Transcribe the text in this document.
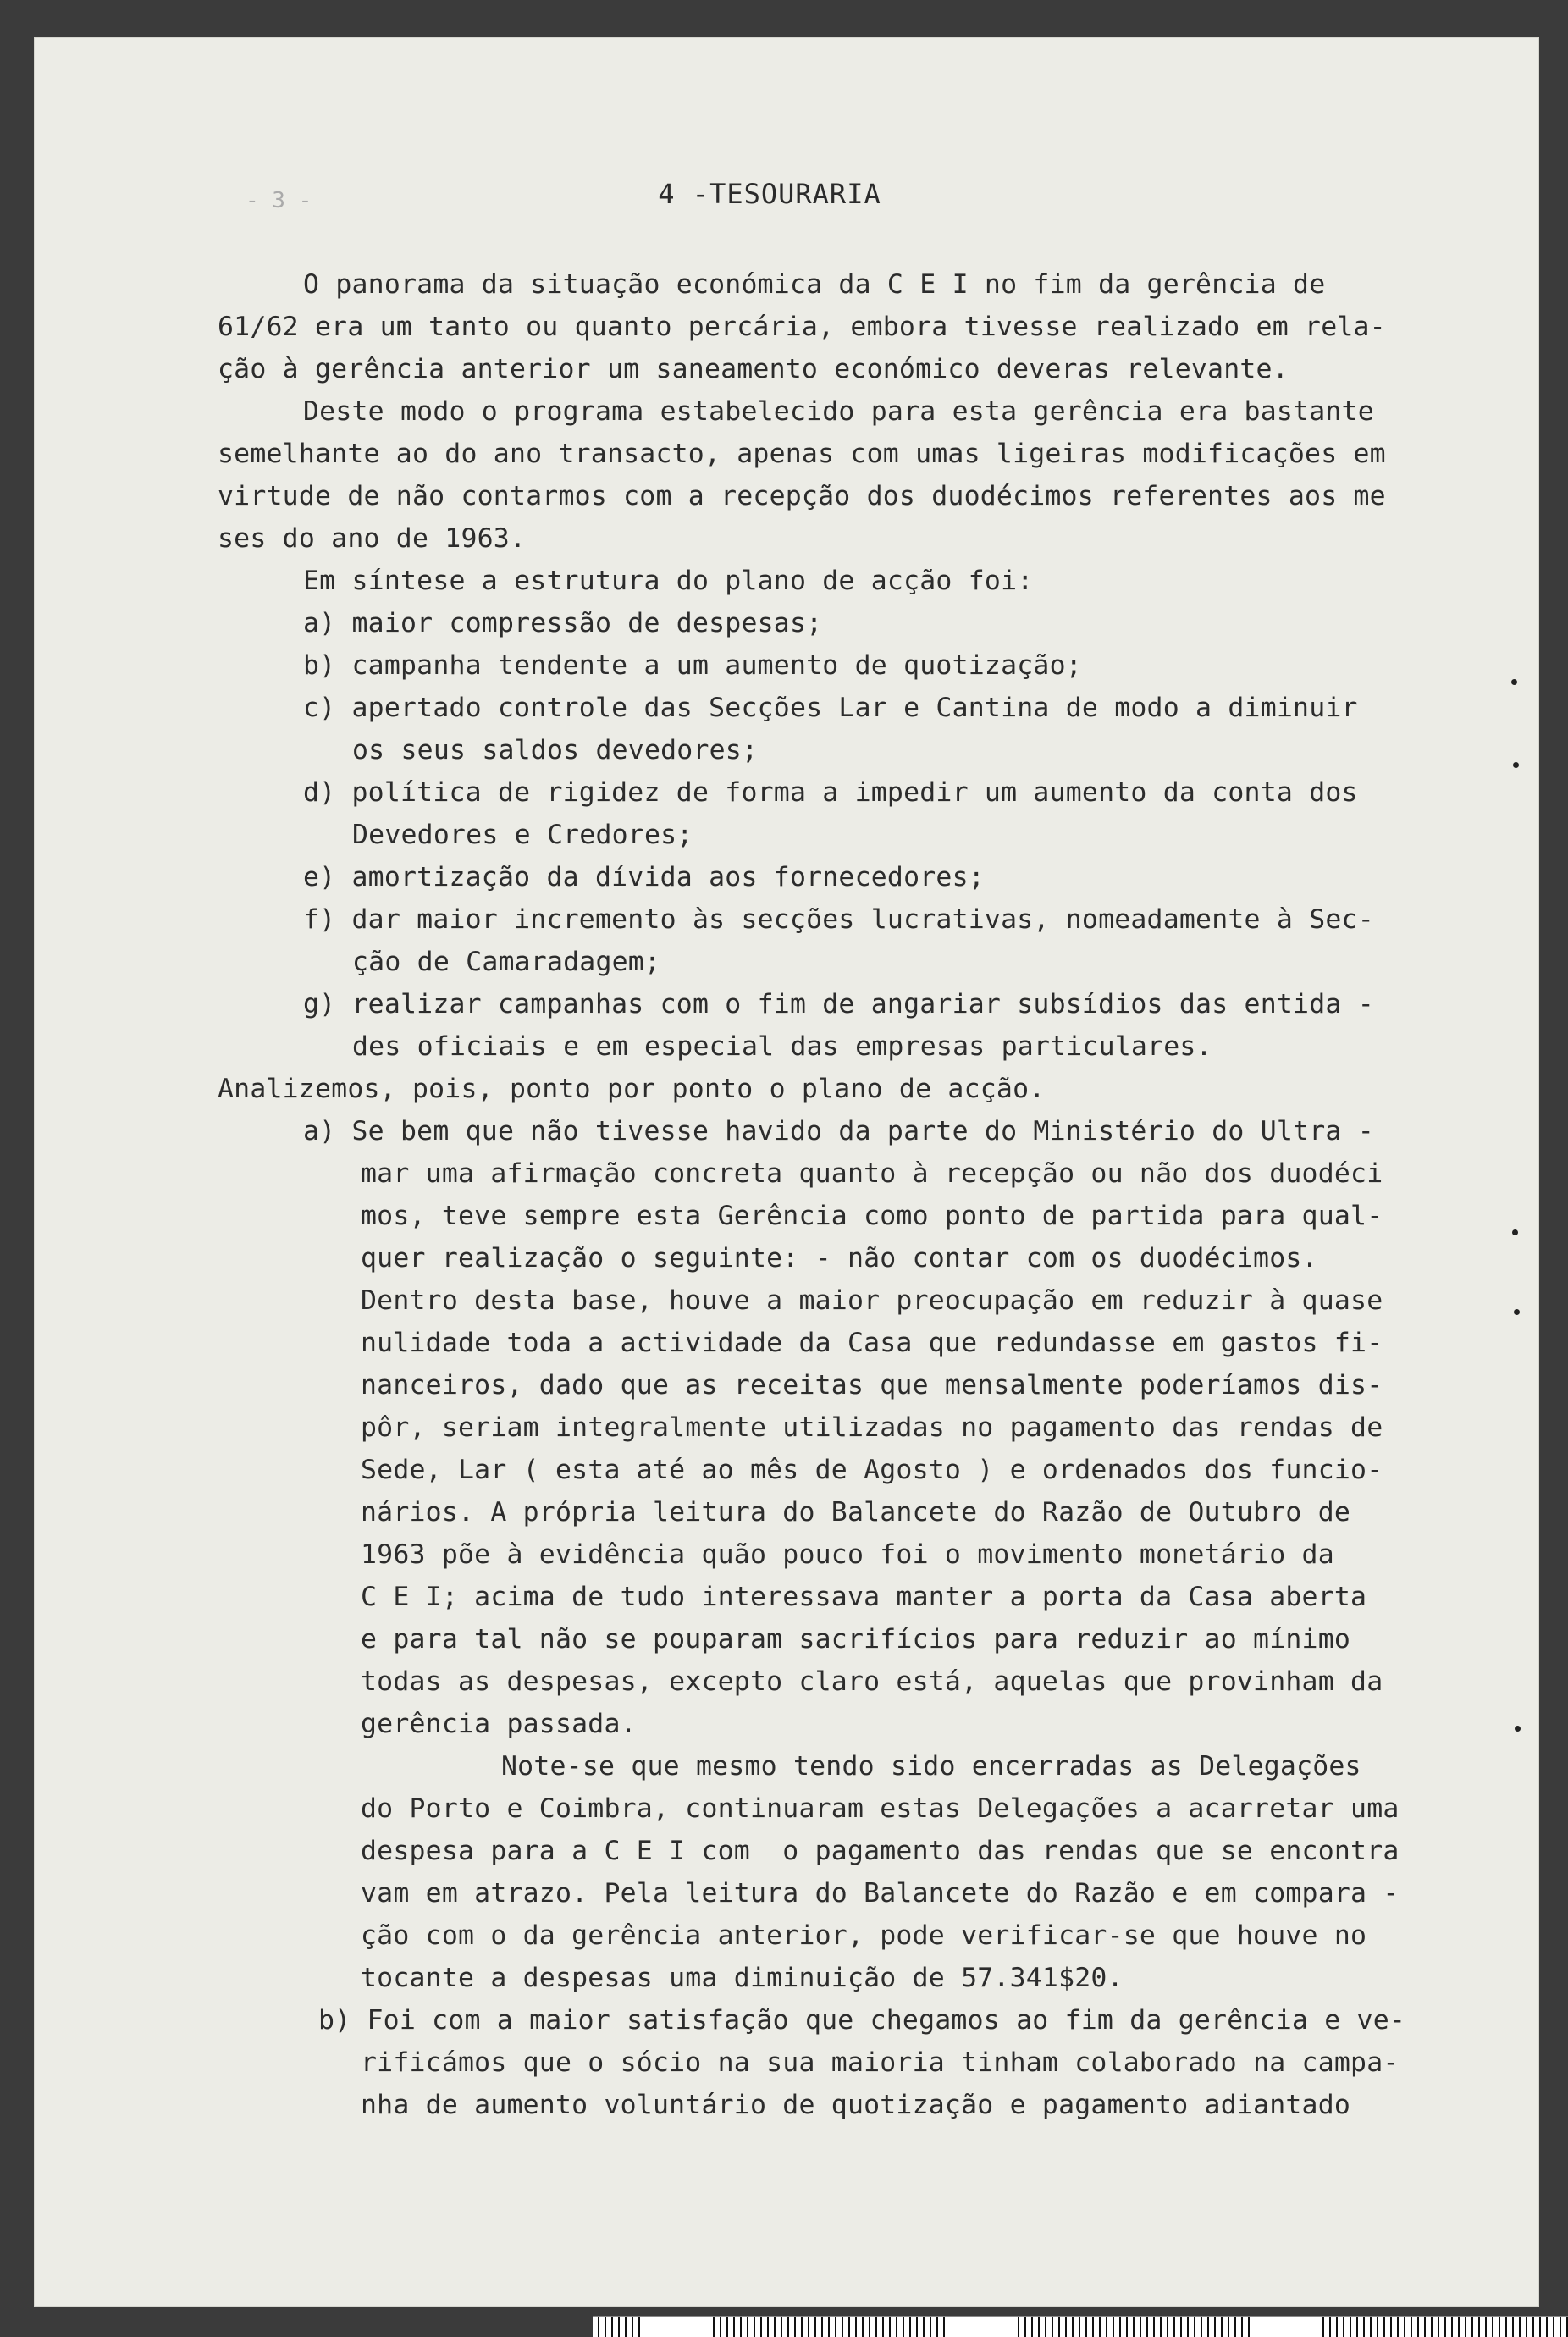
- 3 -	4 -TESOURARIA
O panorama da situação económica da C E I no fim da gerência de
61/62 era um tanto ou quanto percária, embora tivesse realizado em rela-
ção à gerência anterior um saneamento económico deveras relevante.
Deste modo o programa estabelecido para esta gerência era bastante
semelhante ao do ano transacto, apenas com umas ligeiras modificações em
virtude de não contarmos com a recepção dos duodécimos referentes aos me
ses do ano de 1963.
Em síntese a estrutura do plano de acção foi:
a) maior compressão de despesas;
b) campanha tendente a um aumento de quotização;
c) apertado controle das Secções Lar e Cantina de modo a diminuir
os seus saldos devedores;
d) política de rigidez de forma a impedir um aumento da conta dos
Devedores e Credores;
e) amortização da dívida aos fornecedores;
f) dar maior incremento às secções lucrativas, nomeadamente à Sec-
ção de Camaradagem;
g) realizar campanhas com o fim de angariar subsídios das entida -
des oficiais e em especial das empresas particulares.
Analizemos, pois, ponto por ponto o plano de acção.
a) Se bem que não tivesse havido da parte do Ministério do Ultra -
mar uma afirmação concreta quanto à recepção ou não dos duodéci
mos, teve sempre esta Gerência como ponto de partida para qual-
quer realização o seguinte: - não contar com os duodécimos.
Dentro desta base, houve a maior preocupação em reduzir à quase
nulidade toda a actividade da Casa que redundasse em gastos fi-
nanceiros, dado que as receitas que mensalmente poderíamos dis-
pôr, seriam integralmente utilizadas no pagamento das rendas de
Sede, Lar ( esta até ao mês de Agosto ) e ordenados dos funcio-
nários. A própria leitura do Balancete do Razão de Outubro de
1963 põe à evidência quão pouco foi o movimento monetário da
C E I; acima de tudo interessava manter a porta da Casa aberta
e para tal não se pouparam sacrifícios para reduzir ao mínimo
todas as despesas, excepto claro está, aquelas que provinham da
gerência passada.
Note-se que mesmo tendo sido encerradas as Delegações
do Porto e Coimbra, continuaram estas Delegações a acarretar uma
despesa para a C E I com  o pagamento das rendas que se encontra
vam em atrazo. Pela leitura do Balancete do Razão e em compara -
ção com o da gerência anterior, pode verificar-se que houve no
tocante a despesas uma diminuição de 57.341$20.
b) Foi com a maior satisfação que chegamos ao fim da gerência e ve-
rificámos que o sócio na sua maioria tinham colaborado na campa-
nha de aumento voluntário de quotização e pagamento adiantado
